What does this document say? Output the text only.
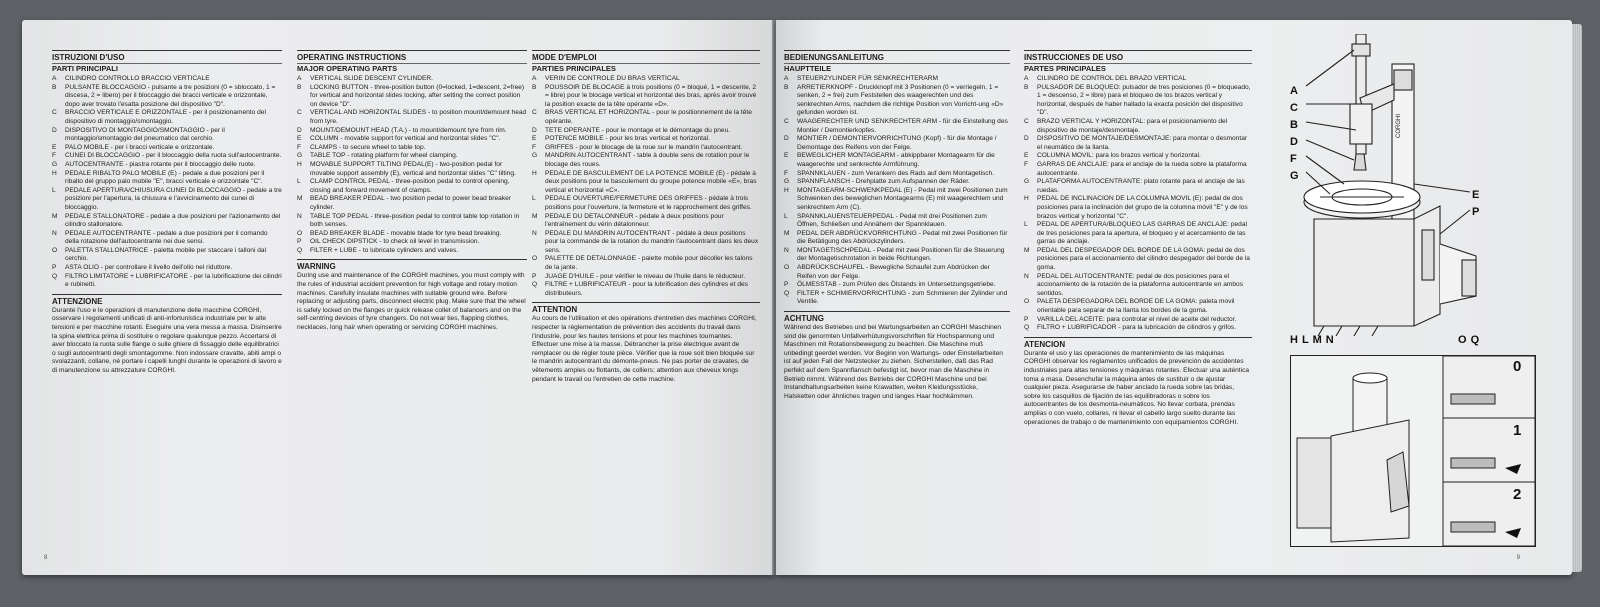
ISTRUZIONI D'USO
PARTI PRINCIPALI
A	CILINDRO CONTROLLO BRACCIO VERTICALE
B	PULSANTE BLOCCAGGIO - pulsante a tre posizioni (0 = sbloccato, 1 = discesa, 2 = libero) per il bloccaggio dei bracci verticale e orizzontale, dopo aver trovato l'esatta posizione del dispositivo "D".
C	BRACCIO VERTICALE E ORIZZONTALE - per il posizionamento del dispositivo di montaggio/smontaggio.
D	DISPOSITIVO DI MONTAGGIO/SMONTAGGIO - per il montaggio/smontaggio del pneumatico dal cerchio.
E	PALO MOBILE - per i bracci verticale e orizzontale.
F	CUNEI DI BLOCCAGGIO - per il bloccaggio della ruota sull'autocentrante.
G	AUTOCENTRANTE - piastra rotante per il bloccaggio delle ruote.
H	PEDALE RIBALTO PALO MOBILE (E) - pedale a due posizioni per il ribalto del gruppo palo mobile "E", bracci verticale e orizzontale "C".
L	PEDALE APERTURA/CHIUSURA CUNEI DI BLOCCAGGIO - pedale a tre posizioni per l'apertura, la chiusura e l'avvicinamento dei cunei di bloccaggio.
M	PEDALE STALLONATORE - pedale a due posizioni per l'azionamento del cilindro stallonatore.
N	PEDALE AUTOCENTRANTE - pedale a due posizioni per il comando della rotazione dell'autocentrante nei due sensi.
O	PALETTA STALLONATRICE - paletta mobile per staccare i talloni dal cerchio.
P	ASTA OLIO - per controllare il livello dell'olio nel riduttore.
Q	FILTRO LIMITATORE + LUBRIFICATORE - per la lubrificazione dei cilindri e rubinetti.
ATTENZIONE

Durante l'uso e le operazioni di manutenzione delle macchine CORGHI, osservare i regolamenti unificati di anti-infortunistica industriale per le alte tensioni e per macchine rotanti. Eseguire una vera messa a massa. Disinserire la spina elettrica prima di sostituire o regolare qualunque pezzo. Accertarsi di aver bloccato la ruota sulle flange o sulle ghiere di fissaggio delle equilibratrici o sugli autocentranti degli smontagomme. Non indossare cravatte, abiti ampi o svolazzanti, collane, né portare i capelli lunghi durante le operazioni di lavoro e di manutenzione su attrezzature CORGHI.

OPERATING INSTRUCTIONS
MAJOR OPERATING PARTS
A	VERTICAL SLIDE DESCENT CYLINDER.
B	LOCKING BUTTON - three-position button (0=locked, 1=descent, 2=free) for vertical and horizontal slides locking, after setting the correct position on device "D".
C	VERTICAL AND HORIZONTAL SLIDES - to position mount/demount head from tyre.
D	MOUNT/DEMOUNT HEAD (T.A.) - to mount/demount tyre from rim.
E	COLUMN - movable support for vertical and horizontal slides "C".
F	CLAMPS - to secure wheel to table top.
G	TABLE TOP - rotating platform for wheel clamping.
H	MOVABLE SUPPORT TILTING PEDAL(E) - two-position pedal for movable support assembly (E), vertical and horizontal slides "C" tilting.
L	CLAMP CONTROL PEDAL - three-position pedal to control opening, closing and forward movement of clamps.
M	BEAD BREAKER PEDAL - two position pedal to power bead breaker cylinder.
N	TABLE TOP PEDAL - three-position pedal to control table top rotation in both senses.
O	BEAD BREAKER BLADE - movable blade for tyre bead breaking.
P	OIL CHECK DIPSTICK - to check oil level in transmission.
Q	FILTER + LUBE - to lubricate cylinders and valves.
WARNING

During use and maintenance of the CORGHI machines, you must comply with the rules of industrial accident prevention for high voltage and rotary motion machines. Carefully insulate machines with suitable ground wire. Before replacing or adjusting parts, disconnect electric plug. Make sure that the wheel is safely locked on the flanges or quick release collet of balancers and on the self-centring devices of tyre changers. Do not wear ties, flapping clothes, necklaces, long hair when operating or servicing CORGHI machines.

MODE D'EMPLOI
PARTIES PRINCIPALES
A	VERIN DE CONTROLE DU BRAS VERTICAL
B	POUSSOIR DE BLOCAGE à trois positions (0 = bloqué, 1 = descente, 2 = libre) pour le blocage vertical et horizontal des bras, après avoir trouvé la position exacte de la tête opérante «D».
C	BRAS VERTICAL ET HORIZONTAL - pour le positionnement de la tête opérante.
D	TETE OPERANTE - pour le montage et le démontage du pneu.
E	POTENCE MOBILE - pour les bras vertical et horizontal.
F	GRIFFES - pour le blocage de la roue sur le mandrin l'autocentrant.
G	MANDRIN AUTOCENTRANT - table à double sens de rotation pour le blocage des roues.
H	PEDALE DE BASCULEMENT DE LA POTENCE MOBILE (E) - pédale à deux positions pour le basculement du groupe potence mobile «E», bras vertical et horizontal «C».
L	PEDALE OUVERTURE/FERMETURE DES GRIFFES - pédale à trois positions pour l'ouverture, la fermeture et le rapprochement des griffes.
M	PEDALE DU DETALONNEUR - pédale à deux positions pour l'entraînement du vérin détalonneur.
N	PEDALE DU MANDRIN AUTOCENTRANT - pédale à deux positions pour la commande de la rotation du mandrin l'autocentrant dans les deux sens.
O	PALETTE DE DETALONNAGE - palette mobile pour décoller les talons de la jante.
P	JUAGE D'HUILE - pour vérifier le niveau de l'huile dans le réducteur.
Q	FILTRE + LUBRIFICATEUR - pour la lubrification des cylindres et des distributeurs.
ATTENTION

Au cours de l'utilisation et des opérations d'entretien des machines CORGHI, respecter la réglementation de prévention des accidents du travail dans l'industrie, pour les hautes tensions et pour les machines tournantes. Effectuer une mise à la masse. Débrancher la prise électrique avant de remplacer ou de régler toute pièce. Vérifier que la roue soit bien bloquée sur le mandrin autocentrant du démonte-pneus. Ne pas porter de cravates, de vêtements amples ou flottants, de colliers; attention aux cheveux longs pendant le travail ou l'entretien de cette machine.

8
BEDIENUNGSANLEITUNG
HAUPTTEILE
A	STEUERZYLINDER FÜR SENKRECHTERARM
B	ARRETIERKNOPF - Druckknopf mit 3 Positionen (0 = verriegeln, 1 = senken, 2 = frei) zum Feststellen des waagerechten und des senkrechten Arms, nachdem die richtige Position von Vorricht-ung «D» gefunden worden ist.
C	WAAGERECHTER UND SENKRECHTER ARM - für die Einstellung des Montier / Demontierkopfes.
D	MONTIER / DEMONTIERVORRICHTUNG (Kopf) - für die Montage / Demontage des Reifens von der Felge.
E	BEWEGLICHER MONTAGEARM - abkippbarer Montagearm für die waagerechte und senkrechte Armführung.
F	SPANNKLAUEN - zum Verankern des Rads auf dem Montagetisch.
G	SPANNFLANSCH - Drehplatte zum Aufspannen der Räder.
H	MONTAGEARM-SCHWENKPEDAL (E) - Pedal mit zwei Positionen zum Schwenken des beweglichen Montagearms (E) mit waagerechtem und senkrechtem Arm (C).
L	SPANNKLAUENSTEUERPEDAL - Pedal mit drei Positionen zum Öffnen, Schließen und Annähern der Spannklauen.
M	PEDAL DER ABDRÜCKVORRICHTUNG - Pedal mit zwei Positionen für die Betätigung des Abdrückzylinders.
N	MONTAGETISCHPEDAL - Pedal mit zwei Positionen für die Steuerung der Montagetischrotation in beide Richtungen.
O	ABDRÜCKSCHAUFEL - Bewegliche Schaufel zum Abdrücken der Reifen von der Felge.
P	ÖLMESSTAB - zum Prüfen des Ölstands im Untersetzungsgetriebe.
Q	FILTER + SCHMIERVORRICHTUNG - zum Schmieren der Zylinder und Ventile.
ACHTUNG

Während des Betriebes und bei Wartungsarbeiten an CORGHI Maschinen sind die genormten Unfallverhütungsvorschriften für Hochspannung und Maschinen mit Rotationsbewegung zu beachten. Die Maschine muß unbedingt geerdet werden. Vor Beginn von Wartungs- oder Einstellarbeiten ist auf jeden Fall der Netzstecker zu ziehen. Sicherstellen, daß das Rad perfekt auf dem Spannflansch befestigt ist, bevor man die Maschine in Betrieb nimmt. Während des Betriebs der CORGHI Maschine und bei Instandhaltungsarbeiten keine Krawatten, weiten Kleidungsstücke, Halsketten oder ähnliches tragen und langes Haar hochkämmen.

INSTRUCCIONES DE USO
PARTES PRINCIPALES
A	CILINDRO DE CONTROL DEL BRAZO VERTICAL
B	PULSADOR DE BLOQUEO: pulsador de tres posiciones (0 = bloqueado, 1 = descenso, 2 = libre) para el bloqueo de los brazos vertical y horizontal, después de haber hallado la exacta posición del dispositivo "D".
C	BRAZO VERTICAL Y HORIZONTAL: para el posicionamiento del dispositivo de montaje/desmontaje.
D	DISPOSITIVO DE MONTAJE/DESMONTAJE: para montar o desmontar el neumático de la llanta.
E	COLUMNA MOVIL: para los brazos vertical y horizontal.
F	GARRAS DE ANCLAJE: para el anclaje de la rueda sobre la plataforma autocentrante.
G	PLATAFORMA AUTOCENTRANTE: plato rotante para el anclaje de las ruedas.
H	PEDAL DE INCLINACION DE LA COLUMNA MOVIL (E): pedal de dos posiciones para la inclinación del grupo de la columna móvil "E" y de los brazos vertical y horizontal "C".
L	PEDAL DE APERTURA/BLOQUEO LAS GARRAS DE ANCLAJE: pedal de tres posiciones para la apertura, el bloqueo y el acercamiento de las garras de anclaje.
M	PEDAL DEL DESPEGADOR DEL BORDE DE LA GOMA: pedal de dos posiciones para el accionamiento del cilindro despegador del borde de la goma.
N	PEDAL DEL AUTOCENTRANTE: pedal de dos posiciones para el accionamiento de la rotación de la plataforma autocentrante en ambos sentidos.
O	PALETA DESPEGADORA DEL BORDE DE LA GOMA: paleta movil orientable para separar de la llanta los bordes de la goma.
P	VARILLA DEL ACEITE: para controlar el nivel de aceite del reductor.
Q	FILTRO + LUBRIFICADOR - para la lubricación de cilindros y grifos.
ATENCION

Durante el uso y las operaciones de mantenimiento de las máquinas CORGHI observar los reglamentos unificados de prevención de accidentes industriales para altas tensiones y máquinas rotantes. Efectuar una auténtica toma a masa. Desenchufar la máquina antes de sustituir o de ajustar cualquier pieza. Asegurarse de haber anclado la rueda sobre las bridas, sobre los casquillos de fijación de las equilibradoras o sobre los autocentrantes de los desmonta-neumáticos. No llevar corbata, prendas amplias o con vuelo, collares, ni llevar el cabello largo suelto durante las operaciones de trabajo o de mantenimiento con equipamientos CORGHI.

9
CORGHI
A
C
B
D
F
G
E
P
H L M N	O Q
0
1
2
